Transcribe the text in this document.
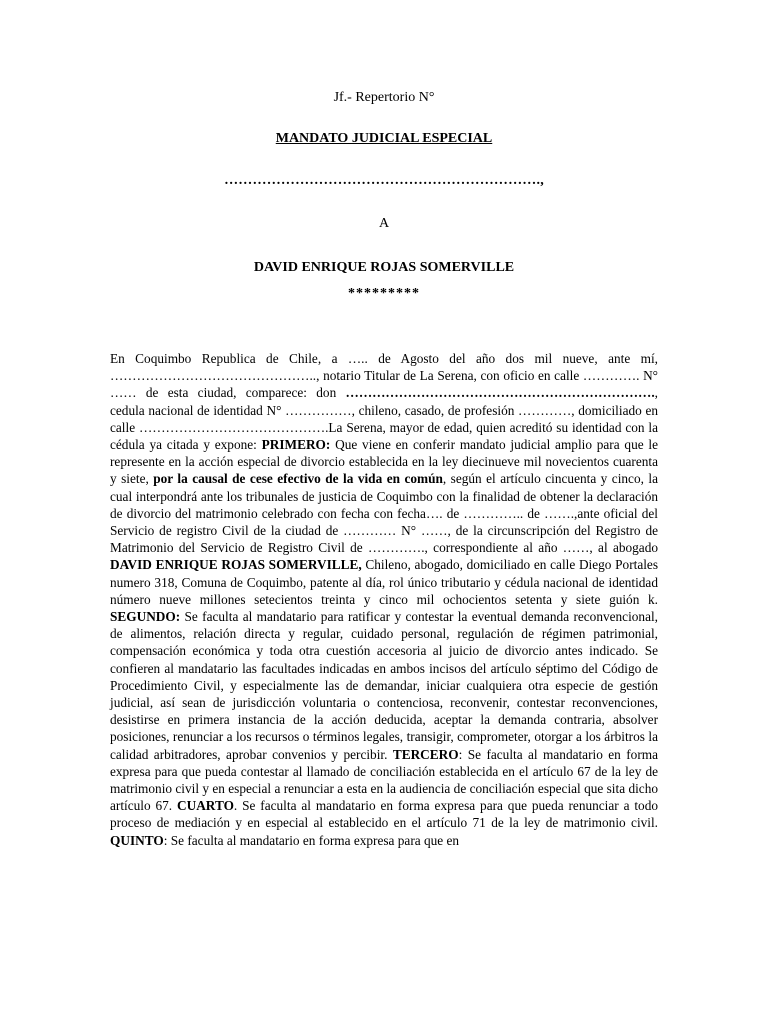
Jf.- Repertorio N°

MANDATO JUDICIAL ESPECIAL

………………………………………………………….,

A

DAVID ENRIQUE ROJAS SOMERVILLE

*********

En Coquimbo Republica de Chile, a ….. de Agosto del año dos mil nueve, ante mí, ……………………………………….., notario Titular de La Serena, con oficio en calle …………. N° …… de esta ciudad, comparece: don ……………………………………………………………., cedula nacional de identidad N° ……………, chileno, casado, de profesión …………, domiciliado en calle …………………………………….La Serena, mayor de edad, quien acreditó su identidad con la cédula ya citada y expone: PRIMERO: Que viene en conferir mandato judicial amplio para que le represente en la acción especial de divorcio establecida en la ley diecinueve mil novecientos cuarenta y siete, por la causal de cese efectivo de la vida en común, según el artículo cincuenta y cinco, la cual interpondrá ante los tribunales de justicia de Coquimbo con la finalidad de obtener la declaración de divorcio del matrimonio celebrado con fecha con fecha…. de ………….. de …….,ante oficial del Servicio de registro Civil de la ciudad de ………… N° ……, de la circunscripción del Registro de Matrimonio del Servicio de Registro Civil de …………., correspondiente al año ……, al abogado DAVID ENRIQUE ROJAS SOMERVILLE, Chileno, abogado, domiciliado en calle Diego Portales numero 318, Comuna de Coquimbo, patente al día, rol único tributario y cédula nacional de identidad número nueve millones setecientos treinta y cinco mil ochocientos setenta y siete guión k. SEGUNDO: Se faculta al mandatario para ratificar y contestar la eventual demanda reconvencional, de alimentos, relación directa y regular, cuidado personal, regulación de régimen patrimonial, compensación económica y toda otra cuestión accesoria al juicio de divorcio antes indicado. Se confieren al mandatario las facultades indicadas en ambos incisos del artículo séptimo del Código de Procedimiento Civil, y especialmente las de demandar, iniciar cualquiera otra especie de gestión judicial, así sean de jurisdicción voluntaria o contenciosa, reconvenir, contestar reconvenciones, desistirse en primera instancia de la acción deducida, aceptar la demanda contraria, absolver posiciones, renunciar a los recursos o términos legales, transigir, comprometer, otorgar a los árbitros la calidad arbitradores, aprobar convenios y percibir. TERCERO: Se faculta al mandatario en forma expresa para que pueda contestar al llamado de conciliación establecida en el artículo 67 de la ley de matrimonio civil y en especial a renunciar a esta en la audiencia de conciliación especial que sita dicho artículo 67. CUARTO. Se faculta al mandatario en forma expresa para que pueda renunciar a todo proceso de mediación y en especial al establecido en el artículo 71 de la ley de matrimonio civil. QUINTO: Se faculta al mandatario en forma expresa para que en
